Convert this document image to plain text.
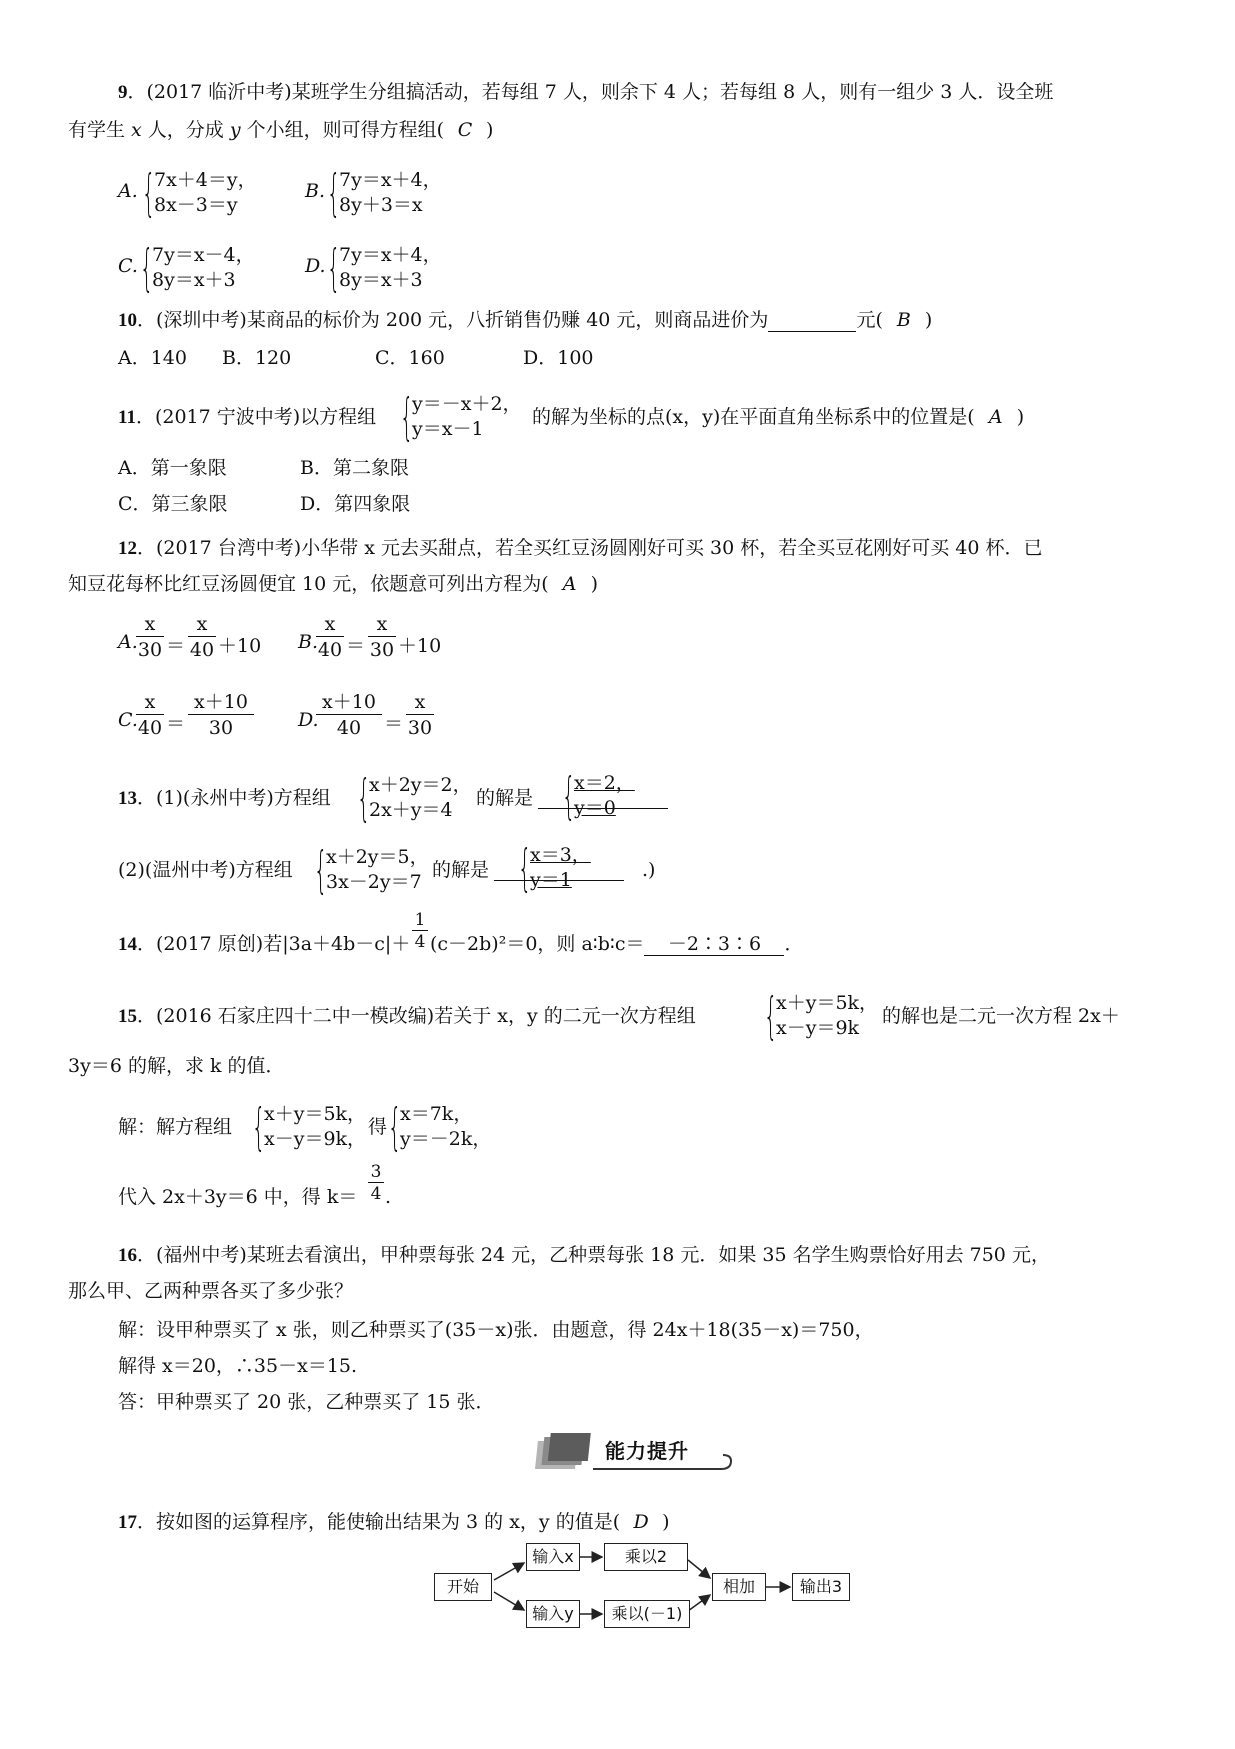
9．(2017 临沂中考)某班学生分组搞活动，若每组 7 人，则余下 4 人；若每组 8 人，则有一组少 3 人．设全班
有学生 x 人，分成 y 个小组，则可得方程组( C )
A. {
7x＋4＝y，
8x－3＝y
B. {
7y＝x＋4，
8y＋3＝x
C. {
7y＝x－4，
8y＝x＋3
D. {
7y＝x＋4，
8y＝x＋3
10．(深圳中考)某商品的标价为 200 元，八折销售仍赚 40 元，则商品进价为	元( B )
A．140 B．120	C．160	D．100
11．(2017 宁波中考)以方程组 {
y＝－x＋2，
y＝x－1
的解为坐标的点(x，y)在平面直角坐标系中的位置是( A )
A．第一象限	B．第二象限
C．第三象限	D．第四象限
12．(2017 台湾中考)小华带 x 元去买甜点，若全买红豆汤圆刚好可买 30 杯，若全买豆花刚好可买 40 杯．已
知豆花每杯比红豆汤圆便宜 10 元，依题意可列出方程为( A )
A.
x
30 ＝
x
40 ＋10 B.
x
40 ＝
x
30 ＋10
C.
x
40 ＝
x＋10
30	D.
x＋10
40	＝
x
30
13．(1)(永州中考)方程组 {
x＋2y＝2，
2x＋y＝4
的解是 {
x＝2，
y＝0
(2)(温州中考)方程组 {
x＋2y＝5，
3x－2y＝7
的解是 {
x＝3，
y＝1	.)
14．(2017 原创)若|3a＋4b－c|＋
1
4 (c－2b)²＝0，则 a∶b∶c＝ －2∶3∶6 ．
15．(2016 石家庄四十二中一模改编)若关于 x，y 的二元一次方程组 {
x＋y＝5k，
x－y＝9k
的解也是二元一次方程 2x＋
3y＝6 的解，求 k 的值．
解：解方程组 {
x＋y＝5k，
x－y＝9k，
得 {
x＝7k，
y＝－2k，
代入 2x＋3y＝6 中，得 k＝
3
4 .
16．(福州中考)某班去看演出，甲种票每张 24 元，乙种票每张 18 元．如果 35 名学生购票恰好用去 750 元，
那么甲、乙两种票各买了多少张？
解：设甲种票买了 x 张，则乙种票买了(35－x)张．由题意，得 24x＋18(35－x)＝750，
解得 x＝20，∴35－x＝15.
答：甲种票买了 20 张，乙种票买了 15 张．
能力提升
17．按如图的运算程序，能使输出结果为 3 的 x，y 的值是( D )
开始
输入x	乘以2
输入y	乘以(－1)
相加	输出3
